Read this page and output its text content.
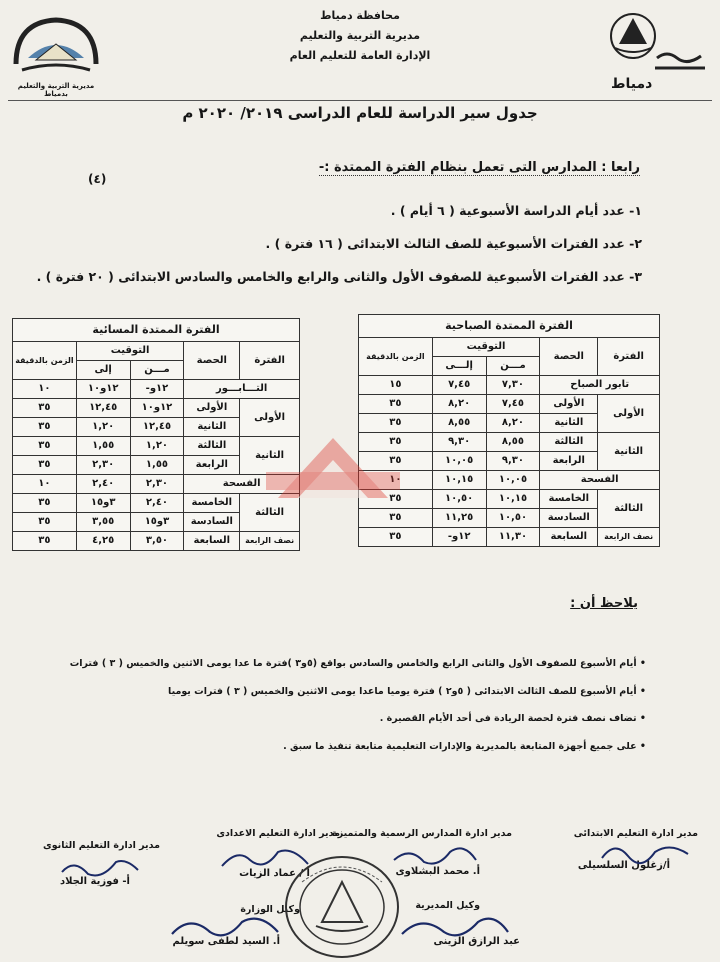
دمياط
محافظة دمياط
مديرية التربية والتعليم
الإدارة العامة للتعليم العام
مديرية التربية والتعليم بدمياط
جدول سير الدراسة للعام الدراسى ٢٠١٩/ ٢٠٢٠ م
رابعا : المدارس التى تعمل بنظام الفترة الممتدة :-
(٤)
١- عدد أيام الدراسة الأسبوعية ( ٦ أيام ) .
٢- عدد الفترات الأسبوعية للصف الثالث الابتدائى ( ١٦ فترة ) .
٣- عدد الفترات الأسبوعية للصفوف الأول والثانى والرابع والخامس والسادس الابتدائى ( ٢٠ فترة ) .
الفترة الممتدة الصباحية				
الفترة	الحصة	التوقيت		الزمن بالدقيقة
		مـــن	إلـــى	
تابور الصباح		٧,٣٠	٧,٤٥	١٥
الأولى	الأولى	٧,٤٥	٨,٢٠	٣٥
	الثانية	٨,٢٠	٨,٥٥	٣٥
الثانية	الثالثة	٨,٥٥	٩,٣٠	٣٥
	الرابعة	٩,٣٠	١٠,٠٥	٣٥
الفسحة		١٠,٠٥	١٠,١٥	١٠
الثالثة	الخامسة	١٠,١٥	١٠,٥٠	٣٥
	السادسة	١٠,٥٠	١١,٢٥	٣٥
نصف الرابعة	السابعة	١١,٣٠	١٢و-	٣٥
الفترة الممتدة المسائية				
الفترة	الحصة	التوقيت		الزمن بالدقيقة
		مـــن	إلى	
التـــابـــور		١٢و-	١٢و١٠	١٠
الأولى	الأولى	١٢و١٠	١٢,٤٥	٣٥
	الثانية	١٢,٤٥	١,٢٠	٣٥
الثانية	الثالثة	١,٢٠	١,٥٥	٣٥
	الرابعة	١,٥٥	٢,٣٠	٣٥
الفسحة		٢,٣٠	٢,٤٠	١٠
الثالثة	الخامسة	٢,٤٠	٣و١٥	٣٥
	السادسة	٣و١٥	٣,٥٥	٣٥
نصف الرابعة	السابعة	٣,٥٠	٤,٢٥	٣٥
يلاحظ أن :
• أيام الأسبوع للصفوف الأول والثانى الرابع والخامس والسادس بواقع (٥و٣ )فترة ما عدا يومى الاثنين والخميس ( ٣ ) فترات
• أيام الأسبوع للصف الثالث الابتدائى ( ٥و٢ ) فترة يوميا ماعدا يومى الاثنين والخميس ( ٣ ) فترات يوميا
• تضاف نصف فترة لحصة الريادة فى أحد الأيام القصيرة .
• على جميع أجهزة المتابعة بالمديرية والإدارات التعليمية متابعة تنفيذ ما سبق .
مدير ادارة التعليم الابتدائى
مدير ادارة المدارس الرسمية والمتميزة
مدير ادارة التعليم الاعدادى
مدير ادارة التعليم الثانوى
أ/زغلول السلسيلى
أ. محمد البشلاوى
أ / عماد الزيات
أ- فوزية الجلاد
وكيل الوزارة
أ. السيد لطفى سويلم
وكيل المديرية
عبد الرازق الزينى
